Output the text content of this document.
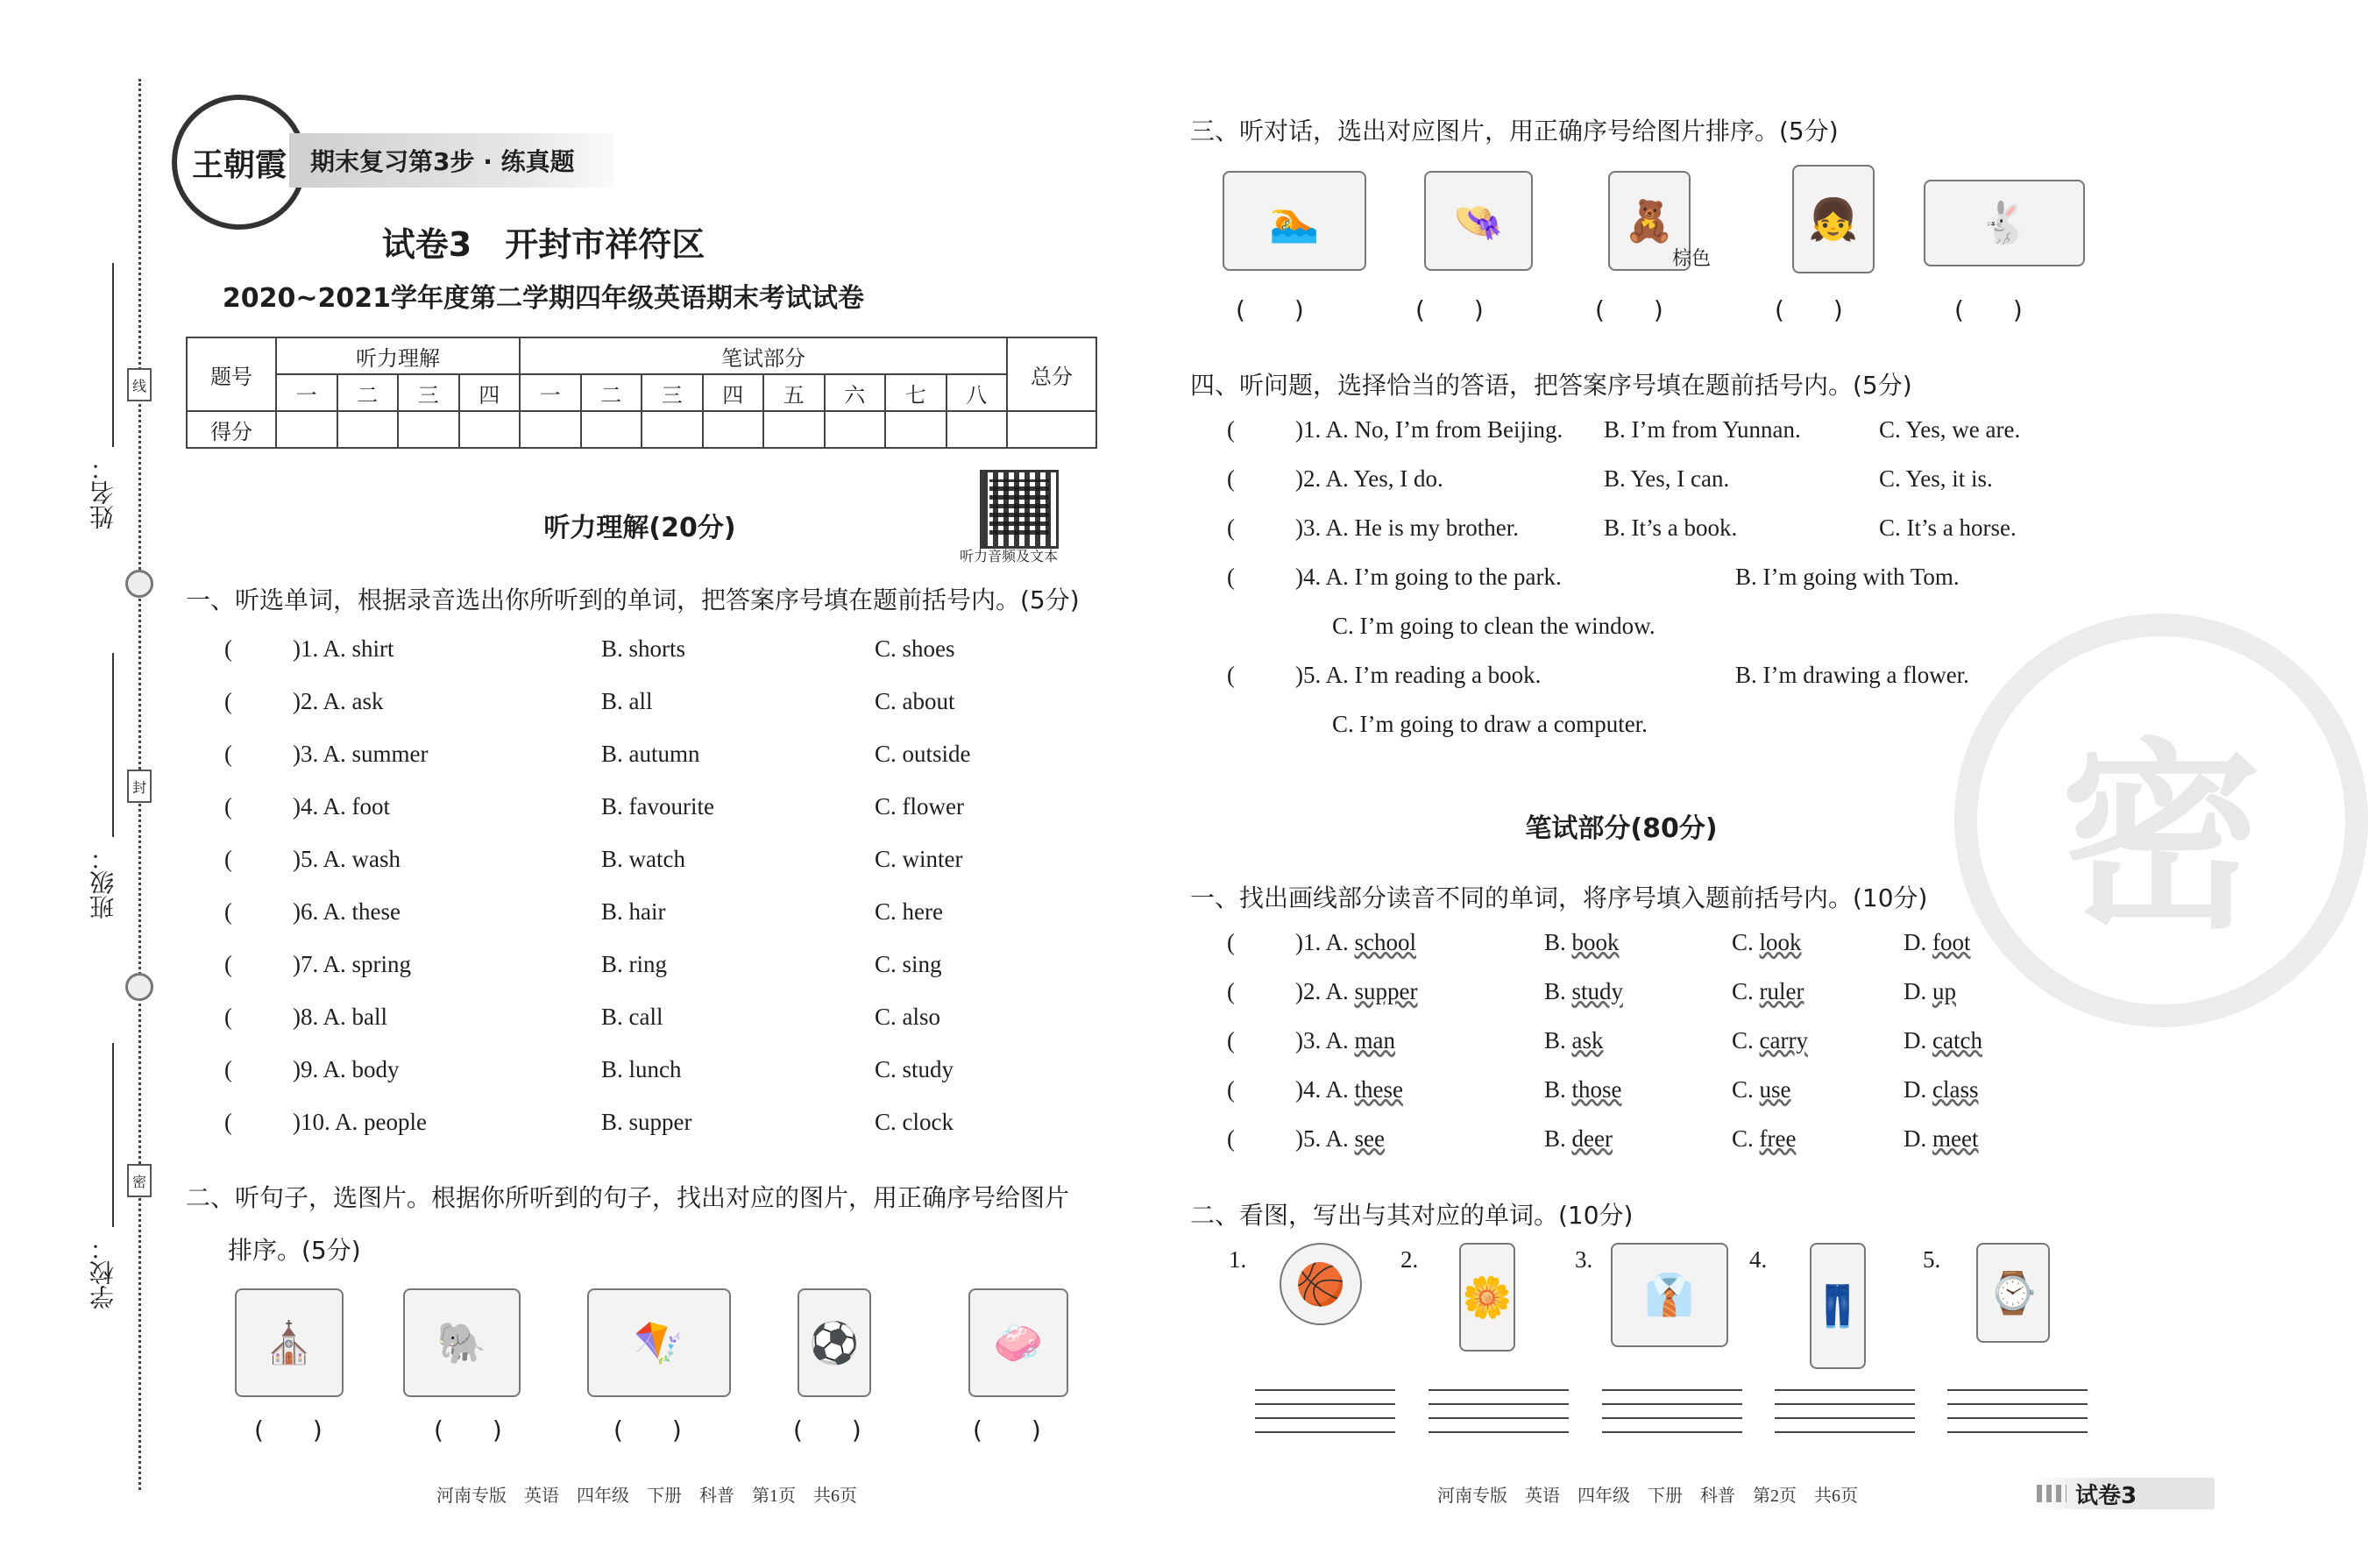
姓名：
班级：
学校：
线
封
密
王朝霞 期末复习第3步 · 练真题
试卷3　开封市祥符区
2020~2021学年度第二学期四年级英语期末考试试卷
题号	听力理解				笔试部分								总分
	一	二	三	四	一	二	三	四	五	六	七	八	
得分													
听力音频及文本
听力理解(20分)
一、听选单词，根据录音选出你所听到的单词，把答案序号填在题前括号内。(5分)
(	)1. A. shirt	B. shorts	C. shoes
(	)2. A. ask	B. all	C. about
(	)3. A. summer	B. autumn	C. outside
(	)4. A. foot	B. favourite	C. flower
(	)5. A. wash	B. watch	C. winter
(	)6. A. these	B. hair	C. here
(	)7. A. spring	B. ring	C. sing
(	)8. A. ball	B. call	C. also
(	)9. A. body	B. lunch	C. study
(	)10. A. people	B. supper	C. clock
二、听句子，选图片。根据你所听到的句子，找出对应的图片，用正确序号给图片
排序。(5分)
⛪	🐘	🪁	⚽	🧼
(　　)	(　　)	(　　)	(　　)	(　　)
河南专版　英语　四年级　下册　科普　第1页　共6页
三、听对话，选出对应图片，用正确序号给图片排序。(5分)
🏊	👒	🧸
棕色
👧	🐇
(　　)	(　　)	(　　)	(　　)	(　　)
四、听问题，选择恰当的答语，把答案序号填在题前括号内。(5分)
(	)1. A. No, I’m from Beijing. B. I’m from Yunnan.	C. Yes, we are.
(	)2. A. Yes, I do.	B. Yes, I can.	C. Yes, it is.
(	)3. A. He is my brother.	B. It’s a book.	C. It’s a horse.
(	)4. A. I’m going to the park.	B. I’m going with Tom.
C. I’m going to clean the window.
(	)5. A. I’m reading a book.	B. I’m drawing a flower.
C. I’m going to draw a computer. 密
笔试部分(80分)
一、找出画线部分读音不同的单词，将序号填入题前括号内。(10分)
(	)1. A. school	B. book	C. look	D. foot
(	)2. A. supper	B. study	C. ruler	D. up
(	)3. A. man	B. ask	C. carry	D. catch
(	)4. A. these	B. those	C. use	D. class
(	)5. A. see	B. deer	C. free	D. meet
二、看图，写出与其对应的单词。(10分)
1.	2.	3.	4.	5.
🏀	🌼	👔	👖	⌚
河南专版　英语　四年级　下册　科普　第2页　共6页	试卷3
